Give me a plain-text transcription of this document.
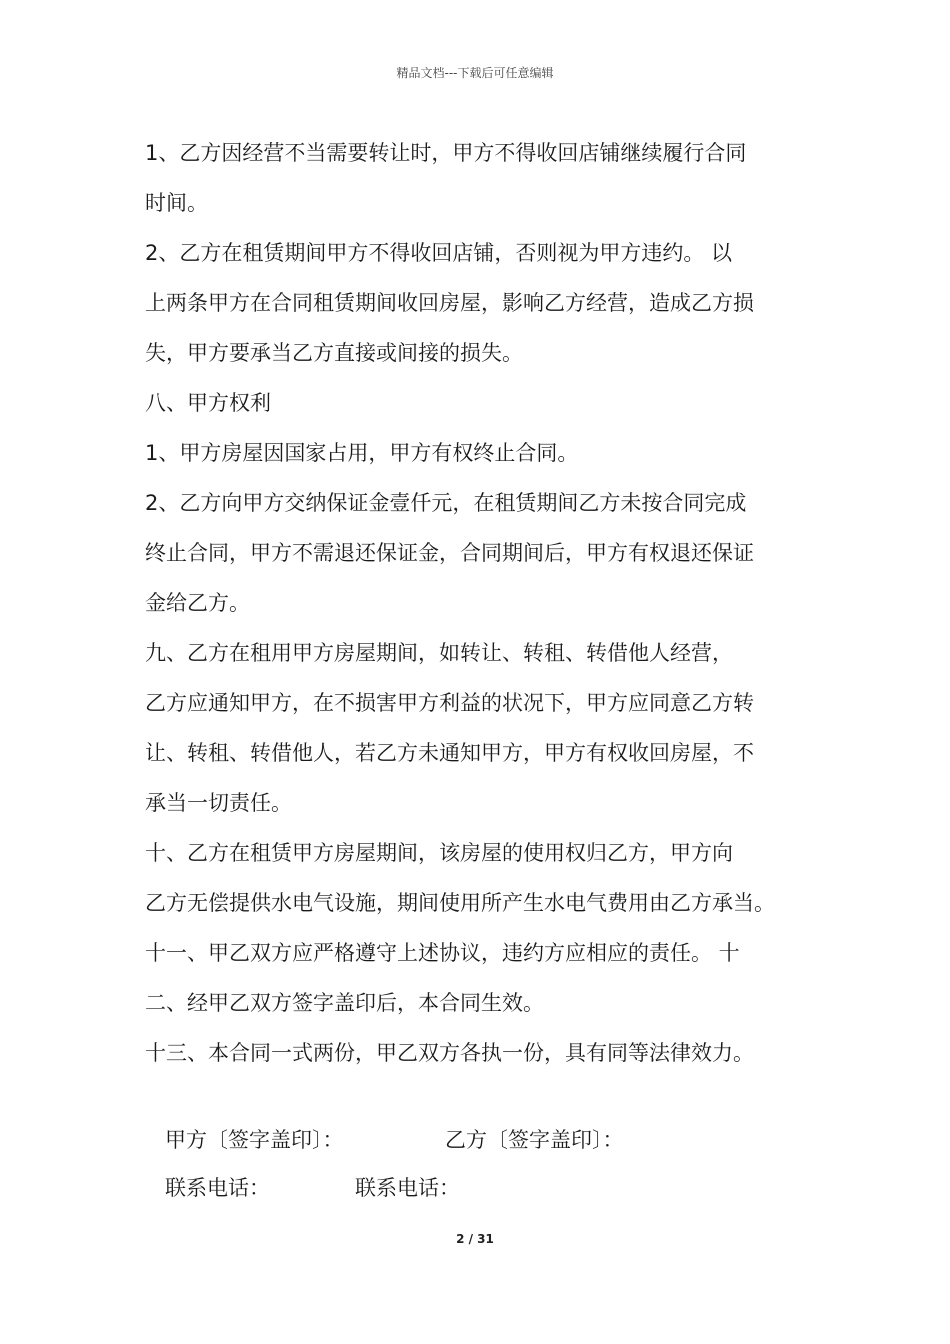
精品文档---下载后可任意编辑
1、乙方因经营不当需要转让时，甲方不得收回店铺继续履行合同
时间。
2、乙方在租赁期间甲方不得收回店铺，否则视为甲方违约。 以
上两条甲方在合同租赁期间收回房屋，影响乙方经营，造成乙方损
失，甲方要承当乙方直接或间接的损失。
八、甲方权利
1、甲方房屋因国家占用，甲方有权终止合同。
2、乙方向甲方交纳保证金壹仟元，在租赁期间乙方未按合同完成
终止合同，甲方不需退还保证金，合同期间后，甲方有权退还保证
金给乙方。
九、乙方在租用甲方房屋期间，如转让、转租、转借他人经营，
乙方应通知甲方，在不损害甲方利益的状况下，甲方应同意乙方转
让、转租、转借他人，若乙方未通知甲方，甲方有权收回房屋，不
承当一切责任。
十、乙方在租赁甲方房屋期间，该房屋的使用权归乙方，甲方向
乙方无偿提供水电气设施，期间使用所产生水电气费用由乙方承当。
十一、甲乙双方应严格遵守上述协议，违约方应相应的责任。 十
二、经甲乙双方签字盖印后，本合同生效。
十三、本合同一式两份，甲乙双方各执一份，具有同等法律效力。
甲方〔签字盖印〕：	乙方〔签字盖印〕：
联系电话：	联系电话：
2 / 31
